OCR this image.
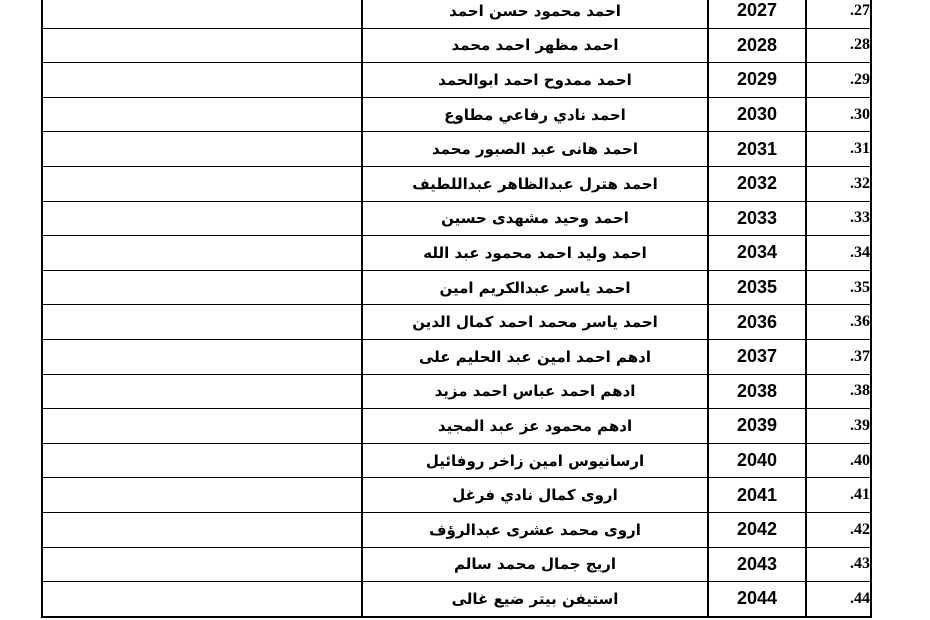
	احمد محمود حسن احمد	2027	.27
	احمد مظهر احمد محمد	2028	.28
	احمد ممدوح احمد ابوالحمد	2029	.29
	احمد نادي رفاعي مطاوع	2030	.30
	احمد هانى عبد الصبور محمد	2031	.31
	احمد هترل عبدالظاهر عبداللطيف	2032	.32
	احمد وحيد مشهدى حسين	2033	.33
	احمد وليد احمد محمود عبد الله	2034	.34
	احمد ياسر عبدالكريم امين	2035	.35
	احمد ياسر محمد احمد كمال الدين	2036	.36
	ادهم احمد امين عبد الحليم على	2037	.37
	ادهم احمد عباس احمد مزيد	2038	.38
	ادهم محمود عز عبد المجيد	2039	.39
	ارسانيوس امين زاخر روفائيل	2040	.40
	اروى كمال نادي فرغل	2041	.41
	اروى محمد عشرى عبدالرؤف	2042	.42
	اريج جمال محمد سالم	2043	.43
	استيفن بيتر ضيع غالى	2044	.44
